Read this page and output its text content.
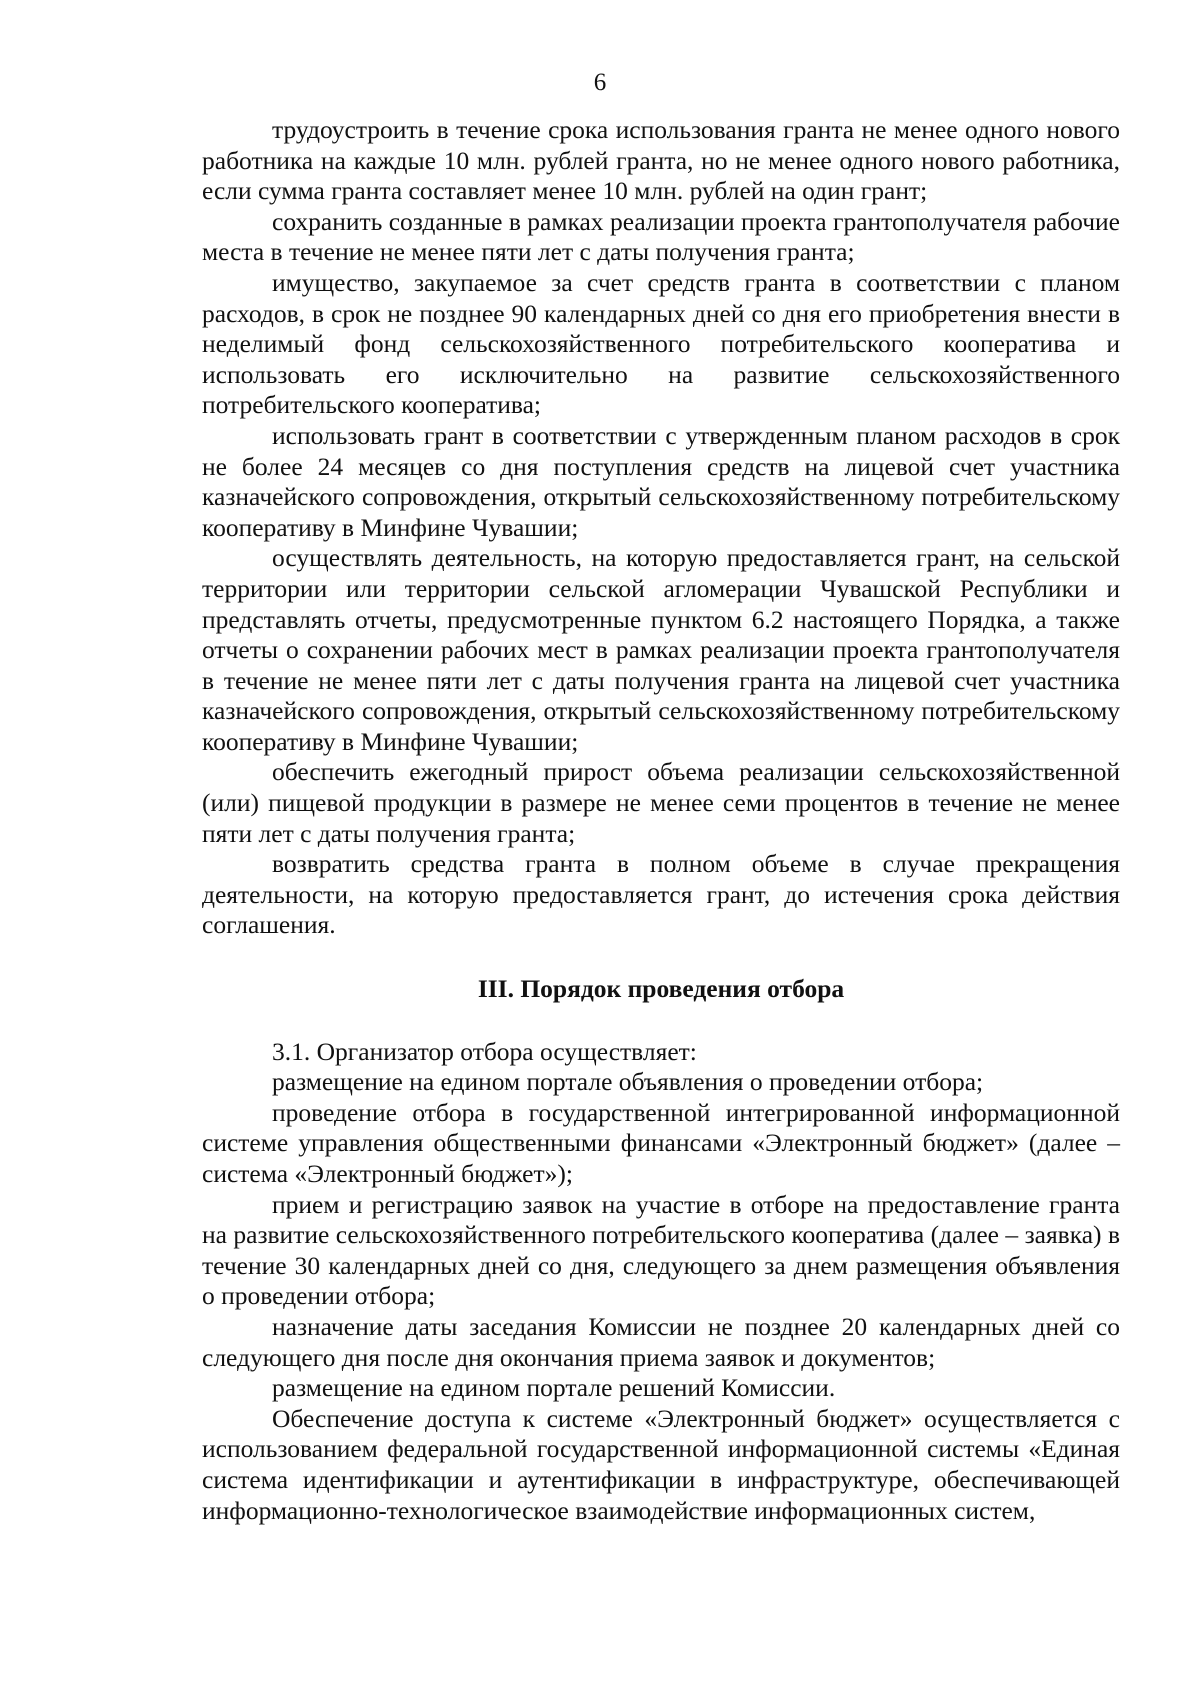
6

трудоустроить в течение срока использования гранта не менее одного нового работника на каждые 10 млн. рублей гранта, но не менее одного нового работника, если сумма гранта составляет менее 10 млн. рублей на один грант;

сохранить созданные в рамках реализации проекта грантополучателя рабочие места в течение не менее пяти лет с даты получения гранта;

имущество, закупаемое за счет средств гранта в соответствии с планом расходов, в срок не позднее 90 календарных дней со дня его приобретения внести в неделимый фонд сельскохозяйственного потребительского кооператива и использовать его исключительно на развитие сельскохозяйственного потребительского кооператива;

использовать грант в соответствии с утвержденным планом расходов в срок не более 24 месяцев со дня поступления средств на лицевой счет участника казначейского сопровождения, открытый сельскохозяйственному потребительскому кооперативу в Минфине Чувашии;

осуществлять деятельность, на которую предоставляется грант, на сельской территории или территории сельской агломерации Чувашской Республики и представлять отчеты, предусмотренные пунктом 6.2 настоящего Порядка, а также отчеты о сохранении рабочих мест в рамках реализации проекта грантополучателя в течение не менее пяти лет с даты получения гранта на лицевой счет участника казначейского сопровождения, открытый сельскохозяйственному потребительскому кооперативу в Минфине Чувашии;

обеспечить ежегодный прирост объема реализации сельскохозяйственной (или) пищевой продукции в размере не менее семи процентов в течение не менее пяти лет с даты получения гранта;

возвратить средства гранта в полном объеме в случае прекращения деятельности, на которую предоставляется грант, до истечения срока действия соглашения.

III. Порядок проведения отбора

3.1. Организатор отбора осуществляет:

размещение на едином портале объявления о проведении отбора;

проведение отбора в государственной интегрированной информационной системе управления общественными финансами «Электронный бюджет» (далее – система «Электронный бюджет»);

прием и регистрацию заявок на участие в отборе на предоставление гранта на развитие сельскохозяйственного потребительского кооператива (далее – заявка) в течение 30 календарных дней со дня, следующего за днем размещения объявления о проведении отбора;

назначение даты заседания Комиссии не позднее 20 календарных дней со следующего дня после дня окончания приема заявок и документов;

размещение на едином портале решений Комиссии.

Обеспечение доступа к системе «Электронный бюджет» осуществляется с использованием федеральной государственной информационной системы «Единая система идентификации и аутентификации в инфраструктуре, обеспечивающей информационно-технологическое взаимодействие информационных систем,
